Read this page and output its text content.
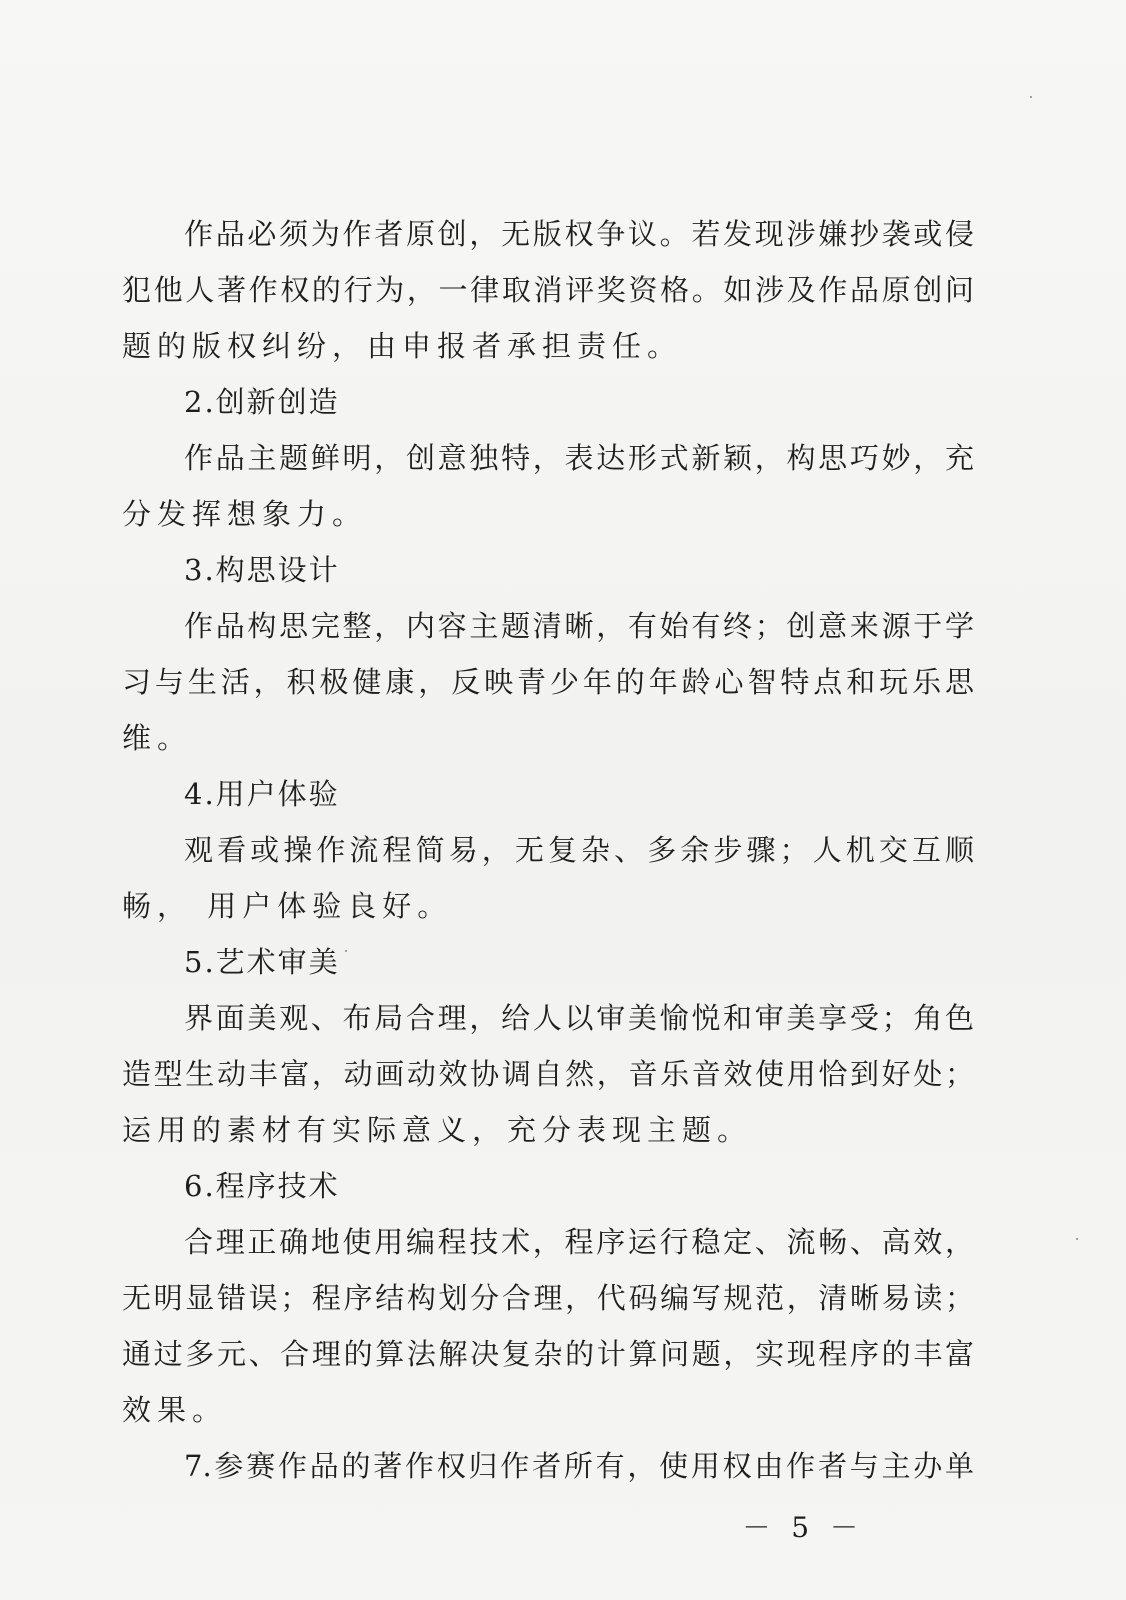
作品必须为作者原创，无版权争议。若发现涉嫌抄袭或侵
犯他人著作权的行为，一律取消评奖资格。如涉及作品原创问
题的版权纠纷，由申报者承担责任。
2.创新创造
作品主题鲜明，创意独特，表达形式新颖，构思巧妙，充
分发挥想象力。
3.构思设计
作品构思完整，内容主题清晰，有始有终；创意来源于学
习与生活，积极健康，反映青少年的年龄心智特点和玩乐思
维。
4.用户体验
观看或操作流程简易，无复杂、多余步骤；人机交互顺
畅， 用户体验良好。
5.艺术审美
界面美观、布局合理，给人以审美愉悦和审美享受；角色
造型生动丰富，动画动效协调自然，音乐音效使用恰到好处；
运用的素材有实际意义，充分表现主题。
6.程序技术
合理正确地使用编程技术，程序运行稳定、流畅、高效，
无明显错误；程序结构划分合理，代码编写规范，清晰易读；
通过多元、合理的算法解决复杂的计算问题，实现程序的丰富
效果。
7.参赛作品的著作权归作者所有，使用权由作者与主办单
－ 5 －
